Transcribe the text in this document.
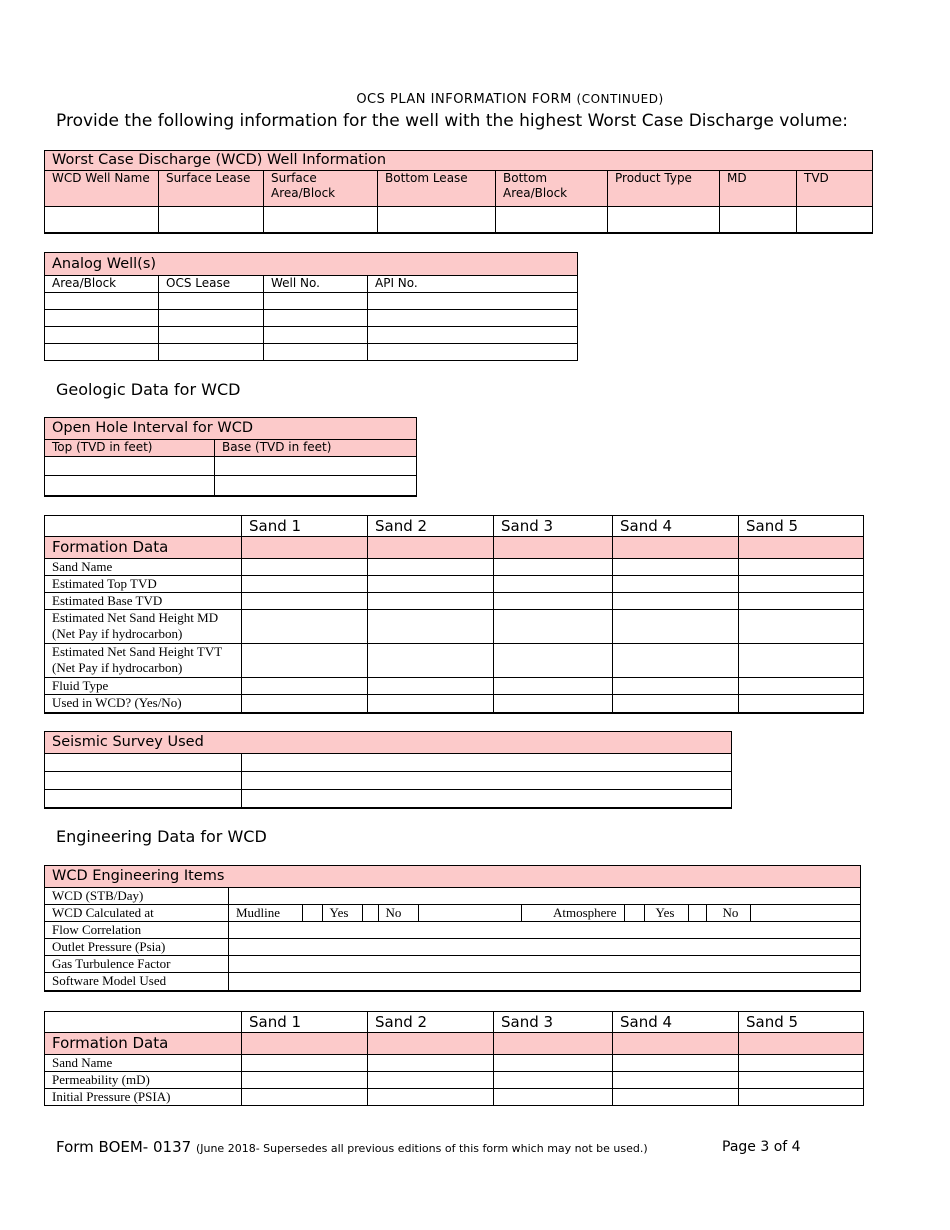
OCS PLAN INFORMATION FORM (CONTINUED)
Provide the following information for the well with the highest Worst Case Discharge volume:
Worst Case Discharge (WCD) Well Information							
WCD Well Name	Surface Lease	Surface Area/Block	Bottom Lease	Bottom Area/Block	Product Type	MD	TVD

Analog Well(s)			
Area/Block	OCS Lease	Well No.	API No.

Geologic Data for WCD
Open Hole Interval for WCD	
Top (TVD in feet)	Base (TVD in feet)

	Sand 1	Sand 2	Sand 3	Sand 4	Sand 5
Formation Data					
Sand Name					
Estimated Top TVD					
Estimated Base TVD					
Estimated Net Sand Height MD (Net Pay if hydrocarbon)					
Estimated Net Sand Height TVT (Net Pay if hydrocarbon)					
Fluid Type					
Used in WCD? (Yes/No)					
Seismic Survey Used	

Engineering Data for WCD
WCD Engineering Items
WCD (STB/Day)	
WCD Calculated at		Mudline		Yes		No		Atmosphere		Yes		No	

Flow Correlation	
Outlet Pressure (Psia)	
Gas Turbulence Factor	
Software Model Used	
	Sand 1	Sand 2	Sand 3	Sand 4	Sand 5
Formation Data					
Sand Name					
Permeability (mD)					
Initial Pressure (PSIA)					
Form BOEM- 0137 (June 2018- Supersedes all previous editions of this form which may not be used.)	Page 3 of 4
